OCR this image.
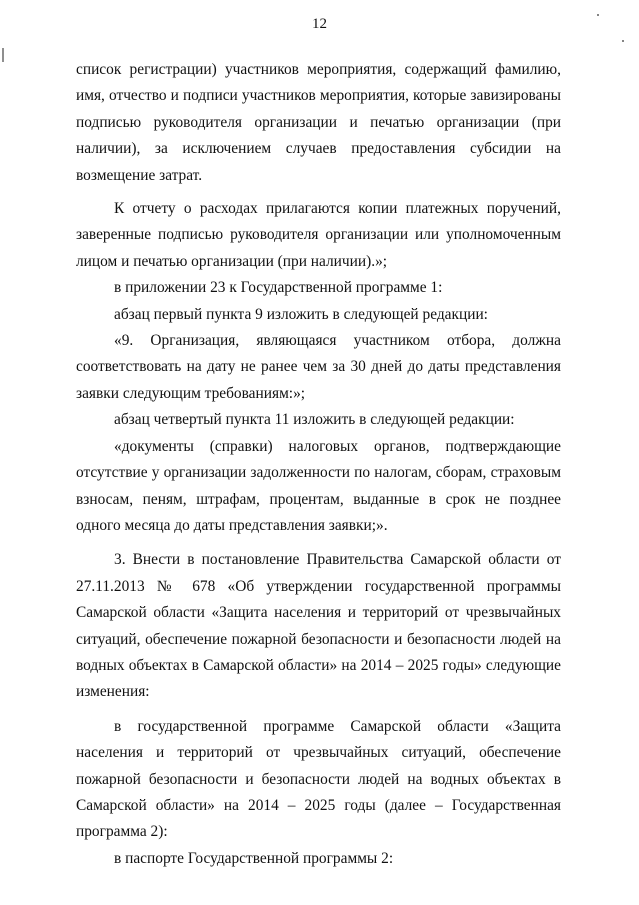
12

список регистрации) участников мероприятия, содержащий фамилию, имя, отчество и подписи участников мероприятия, которые завизированы подписью руководителя организации и печатью организации (при наличии), за исключением случаев предоставления субсидии на возмещение затрат.

К отчету о расходах прилагаются копии платежных поручений, заверенные подписью руководителя организации или уполномоченным лицом и печатью организации (при наличии).»;

в приложении 23 к Государственной программе 1:

абзац первый пункта 9 изложить в следующей редакции:

«9. Организация, являющаяся участником отбора, должна соответствовать на дату не ранее чем за 30 дней до даты представления заявки следующим требованиям:»;

абзац четвертый пункта 11 изложить в следующей редакции:

«документы (справки) налоговых органов, подтверждающие отсутствие у организации задолженности по налогам, сборам, страховым взносам, пеням, штрафам, процентам, выданные в срок не позднее одного месяца до даты представления заявки;».

3. Внести в постановление Правительства Самарской области от 27.11.2013 № 678 «Об утверждении государственной программы Самарской области «Защита населения и территорий от чрезвычайных ситуаций, обеспечение пожарной безопасности и безопасности людей на водных объектах в Самарской области» на 2014 – 2025 годы» следующие изменения:

в государственной программе Самарской области «Защита населения и территорий от чрезвычайных ситуаций, обеспечение пожарной безопасности и безопасности людей на водных объектах в Самарской области» на 2014 – 2025 годы (далее – Государственная программа 2):

в паспорте Государственной программы 2:
